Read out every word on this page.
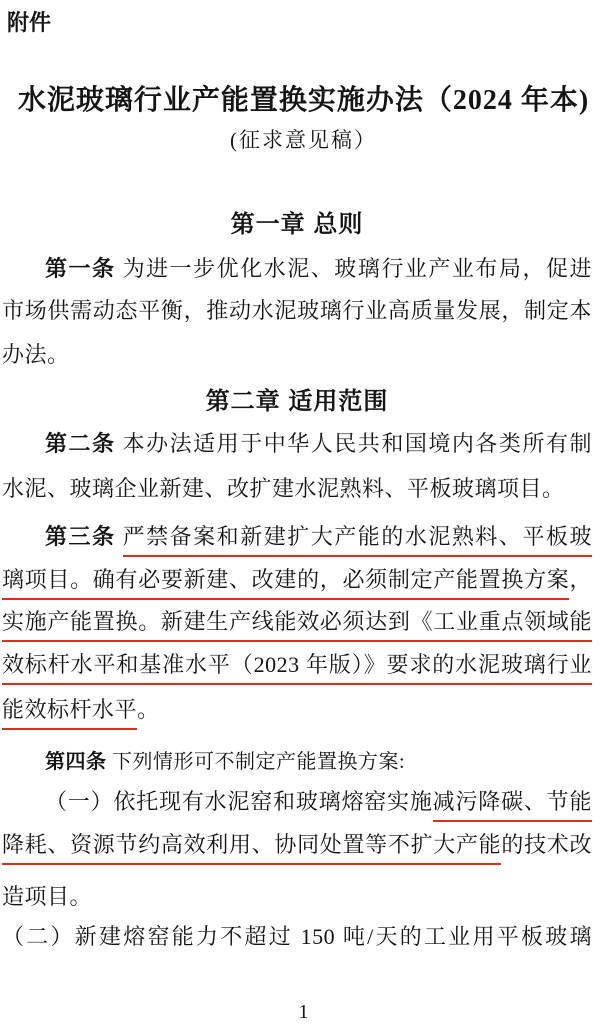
附件
水泥玻璃行业产能置换实施办法（2024 年本)
(征求意见稿）
第一章 总则
第一条 为进一步优化水泥、玻璃行业产业布局，促进
市场供需动态平衡，推动水泥玻璃行业高质量发展，制定本
办法。
第二章 适用范围
第二条 本办法适用于中华人民共和国境内各类所有制
水泥、玻璃企业新建、改扩建水泥熟料、平板玻璃项目。
第三条 严禁备案和新建扩大产能的水泥熟料、平板玻
璃项目。确有必要新建、改建的，必须制定产能置换方案，
实施产能置换。新建生产线能效必须达到《工业重点领域能
效标杆水平和基准水平（2023 年版）》要求的水泥玻璃行业
能效标杆水平。
第四条 下列情形可不制定产能置换方案:
（一）依托现有水泥窑和玻璃熔窑实施减污降碳、节能
降耗、资源节约高效利用、协同处置等不扩大产能的技术改
造项目。
（二）新建熔窑能力不超过 150 吨/天的工业用平板玻璃
1
